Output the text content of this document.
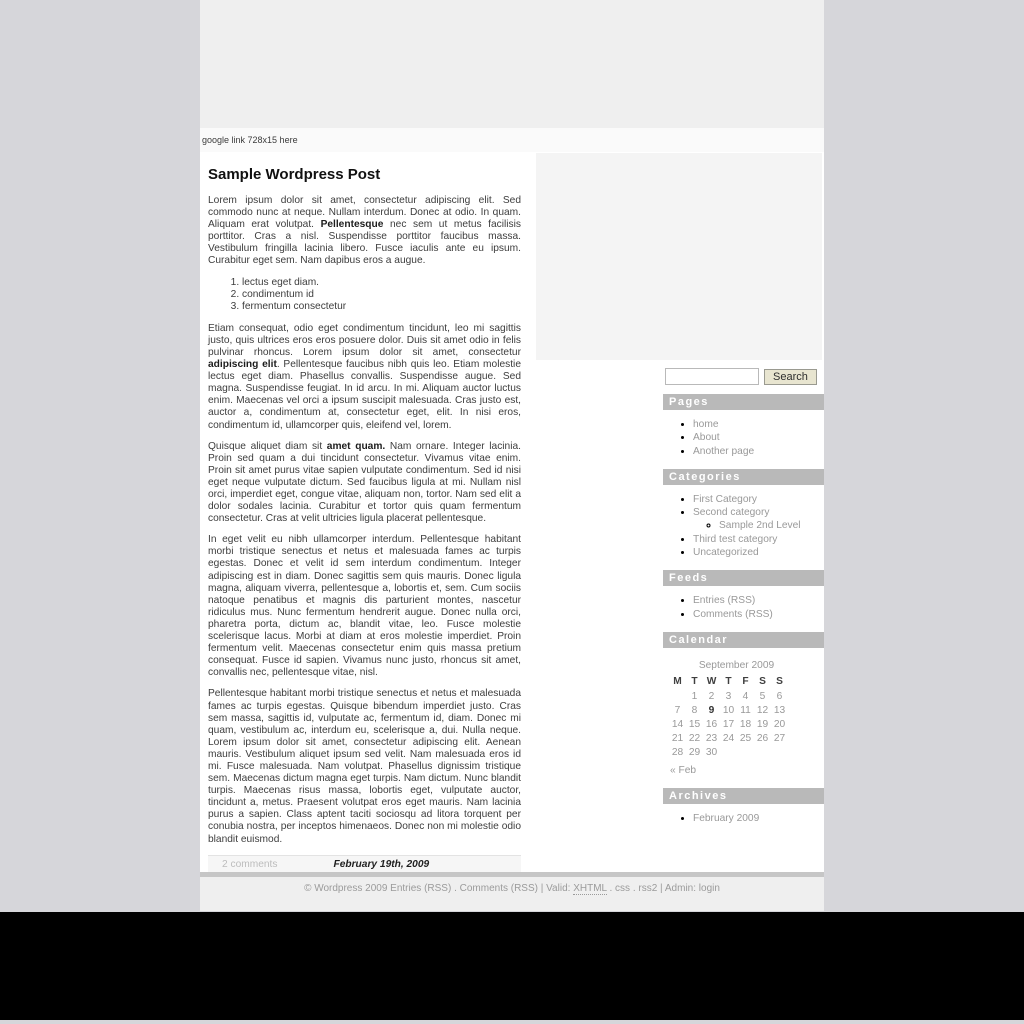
google link 728x15 here
Sample Wordpress Post

Lorem ipsum dolor sit amet, consectetur adipiscing elit. Sed commodo nunc at neque. Nullam interdum. Donec at odio. In quam. Aliquam erat volutpat. Pellentesque nec sem ut metus facilisis porttitor. Cras a nisl. Suspendisse porttitor faucibus massa. Vestibulum fringilla lacinia libero. Fusce iaculis ante eu ipsum. Curabitur eget sem. Nam dapibus eros a augue.

1. lectus eget diam.
2. condimentum id
3. fermentum consectetur

Etiam consequat, odio eget condimentum tincidunt, leo mi sagittis justo, quis ultrices eros eros posuere dolor. Duis sit amet odio in felis pulvinar rhoncus. Lorem ipsum dolor sit amet, consectetur adipiscing elit. Pellentesque faucibus nibh quis leo. Etiam molestie lectus eget diam. Phasellus convallis. Suspendisse augue. Sed magna. Suspendisse feugiat. In id arcu. In mi. Aliquam auctor luctus enim. Maecenas vel orci a ipsum suscipit malesuada. Cras justo est, auctor a, condimentum at, consectetur eget, elit. In nisi eros, condimentum id, ullamcorper quis, eleifend vel, lorem.

Quisque aliquet diam sit amet quam. Nam ornare. Integer lacinia. Proin sed quam a dui tincidunt consectetur. Vivamus vitae enim. Proin sit amet purus vitae sapien vulputate condimentum. Sed id nisi eget neque vulputate dictum. Sed faucibus ligula at mi. Nullam nisl orci, imperdiet eget, congue vitae, aliquam non, tortor. Nam sed elit a dolor sodales lacinia. Curabitur et tortor quis quam fermentum consectetur. Cras at velit ultricies ligula placerat pellentesque.

In eget velit eu nibh ullamcorper interdum. Pellentesque habitant morbi tristique senectus et netus et malesuada fames ac turpis egestas. Donec et velit id sem interdum condimentum. Integer adipiscing est in diam. Donec sagittis sem quis mauris. Donec ligula magna, aliquam viverra, pellentesque a, lobortis et, sem. Cum sociis natoque penatibus et magnis dis parturient montes, nascetur ridiculus mus. Nunc fermentum hendrerit augue. Donec nulla orci, pharetra porta, dictum ac, blandit vitae, leo. Fusce molestie scelerisque lacus. Morbi at diam at eros molestie imperdiet. Proin fermentum velit. Maecenas consectetur enim quis massa pretium consequat. Fusce id sapien. Vivamus nunc justo, rhoncus sit amet, convallis nec, pellentesque vitae, nisl.

Pellentesque habitant morbi tristique senectus et netus et malesuada fames ac turpis egestas. Quisque bibendum imperdiet justo. Cras sem massa, sagittis id, vulputate ac, fermentum id, diam. Donec mi quam, vestibulum ac, interdum eu, scelerisque a, dui. Nulla neque. Lorem ipsum dolor sit amet, consectetur adipiscing elit. Aenean mauris. Vestibulum aliquet ipsum sed velit. Nam malesuada eros id mi. Fusce malesuada. Nam volutpat. Phasellus dignissim tristique sem. Maecenas dictum magna eget turpis. Nam dictum. Nunc blandit turpis. Maecenas risus massa, lobortis eget, vulputate auctor, tincidunt a, metus. Praesent volutpat eros eget mauris. Nam lacinia purus a sapien. Class aptent taciti sociosqu ad litora torquent per conubia nostra, per inceptos himenaeos. Donec non mi molestie odio blandit euismod.

2 comments	February 19th, 2009
Search
Pages
• home
• About
• Another page
Categories
• First Category
• Second category
◦ Sample 2nd Level
• Third test category
• Uncategorized
Feeds
• Entries (RSS)
• Comments (RSS)
Calendar
September 2009
M	T	W	T	F	S	S
	1	2	3	4	5	6
7	8	9	10	11	12	13
14	15	16	17	18	19	20
21	22	23	24	25	26	27
28	29	30				
« Feb
Archives
• February 2009

© Wordpress 2009 Entries (RSS) . Comments (RSS) | Valid: XHTML . css . rss2 | Admin: login
